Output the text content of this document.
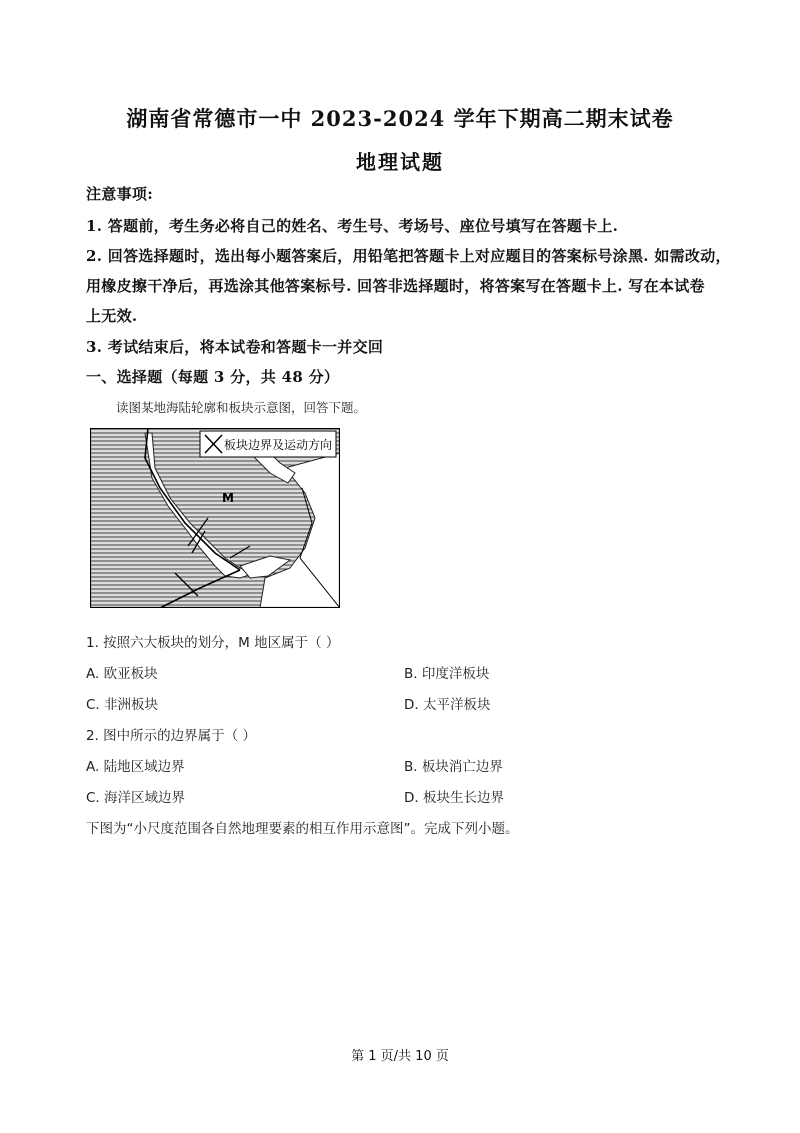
湖南省常德市一中 2023-2024 学年下期高二期末试卷
地理试题
注意事项:
1. 答题前，考生务必将自己的姓名、考生号、考场号、座位号填写在答题卡上.
2. 回答选择题时，选出每小题答案后，用铅笔把答题卡上对应题目的答案标号涂黑. 如需改动，
用橡皮擦干净后，再选涂其他答案标号. 回答非选择题时，将答案写在答题卡上. 写在本试卷
上无效.
3. 考试结束后，将本试卷和答题卡一并交回
一、选择题（每题 3 分，共 48 分）
读图某地海陆轮廓和板块示意图，回答下题。
板块边界及运动方向
M
1. 按照六大板块的划分，M 地区属于（ ）
A. 欧亚板块	B. 印度洋板块
C. 非洲板块	D. 太平洋板块
2. 图中所示的边界属于（ ）
A. 陆地区域边界	B. 板块消亡边界
C. 海洋区域边界	D. 板块生长边界
下图为“小尺度范围各自然地理要素的相互作用示意图”。完成下列小题。
第 1 页/共 10 页
